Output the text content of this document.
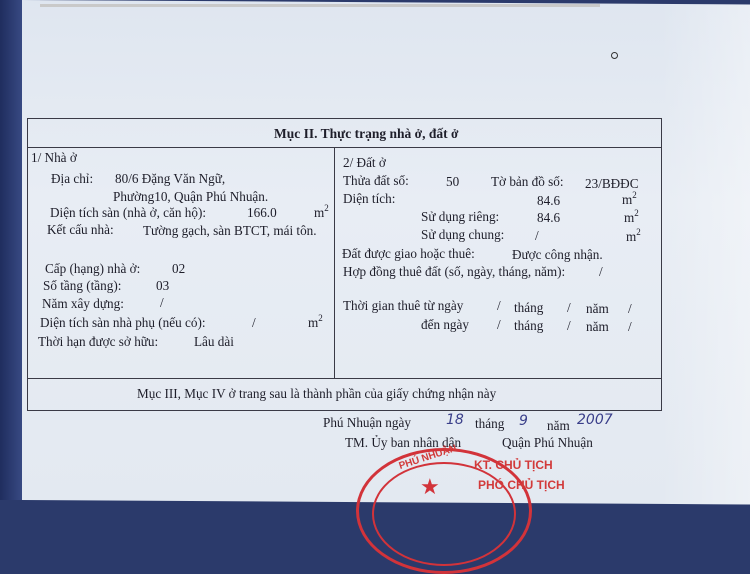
Mục II. Thực trạng nhà ở, đất ở
1/ Nhà ở
Địa chỉ: 80/6 Đặng Văn Ngữ,
Phường10, Quận Phú Nhuận.
Diện tích sàn (nhà ở, căn hộ):	166.0	$m^2$
Kết cấu nhà: Tường gạch, sàn BTCT, mái tôn.
Cấp (hạng) nhà ở: 02
Số tầng (tầng):	03
Năm xây dựng:	/
Diện tích sàn nhà phụ (nếu có):	/	$m^2$
Thời hạn được sở hữu:	Lâu dài
2/ Đất ở
Thửa đất số:	50 Tờ bản đồ số: 23/BĐĐC
Diện tích:	84.6	$m^2$
Sử dụng riêng:	84.6	$m^2$
Sử dụng chung: /	$m^2$
Đất được giao hoặc thuê:	Được công nhận.
Hợp đồng thuê đất (số, ngày, tháng, năm):	/
Thời gian thuê từ ngày	/ tháng / năm /
đến ngày / tháng / năm /
Mục III, Mục IV ở trang sau là thành phần của giấy chứng nhận này
Phú Nhuận ngày	18 tháng 9 năm 2007
TM. Ủy ban nhân dân	Quận Phú Nhuận
★
PHÚ NHUẬN KT. CHỦ TỊCH
PHÓ CHỦ TỊCH
